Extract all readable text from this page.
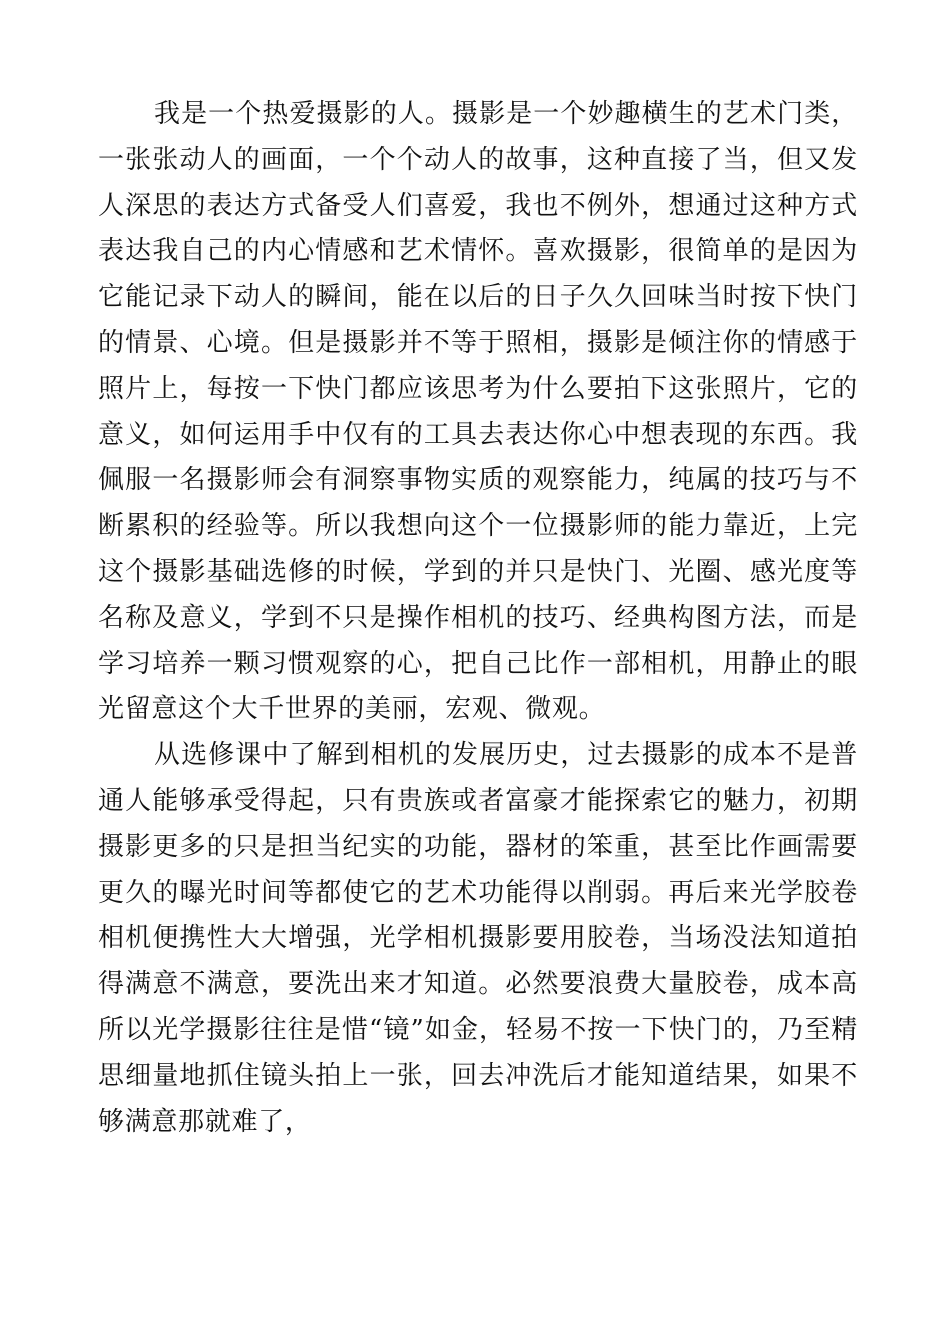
我是一个热爱摄影的人。摄影是一个妙趣横生的艺术门类，一张张动人的画面，一个个动人的故事，这种直接了当，但又发人深思的表达方式备受人们喜爱，我也不例外，想通过这种方式表达我自己的内心情感和艺术情怀。喜欢摄影，很简单的是因为它能记录下动人的瞬间，能在以后的日子久久回味当时按下快门的情景、心境。但是摄影并不等于照相，摄影是倾注你的情感于照片上，每按一下快门都应该思考为什么要拍下这张照片，它的意义，如何运用手中仅有的工具去表达你心中想表现的东西。我佩服一名摄影师会有洞察事物实质的观察能力，纯属的技巧与不断累积的经验等。所以我想向这个一位摄影师的能力靠近，上完这个摄影基础选修的时候，学到的并只是快门、光圈、感光度等名称及意义，学到不只是操作相机的技巧、经典构图方法，而是学习培养一颗习惯观察的心，把自己比作一部相机，用静止的眼光留意这个大千世界的美丽，宏观、微观。

从选修课中了解到相机的发展历史，过去摄影的成本不是普通人能够承受得起，只有贵族或者富豪才能探索它的魅力，初期摄影更多的只是担当纪实的功能，器材的笨重，甚至比作画需要更久的曝光时间等都使它的艺术功能得以削弱。再后来光学胶卷相机便携性大大增强，光学相机摄影要用胶卷，当场没法知道拍得满意不满意，要洗出来才知道。必然要浪费大量胶卷，成本高所以光学摄影往往是惜“镜”如金，轻易不按一下快门的，乃至精思细量地抓住镜头拍上一张，回去冲洗后才能知道结果，如果不够满意那就难了，
